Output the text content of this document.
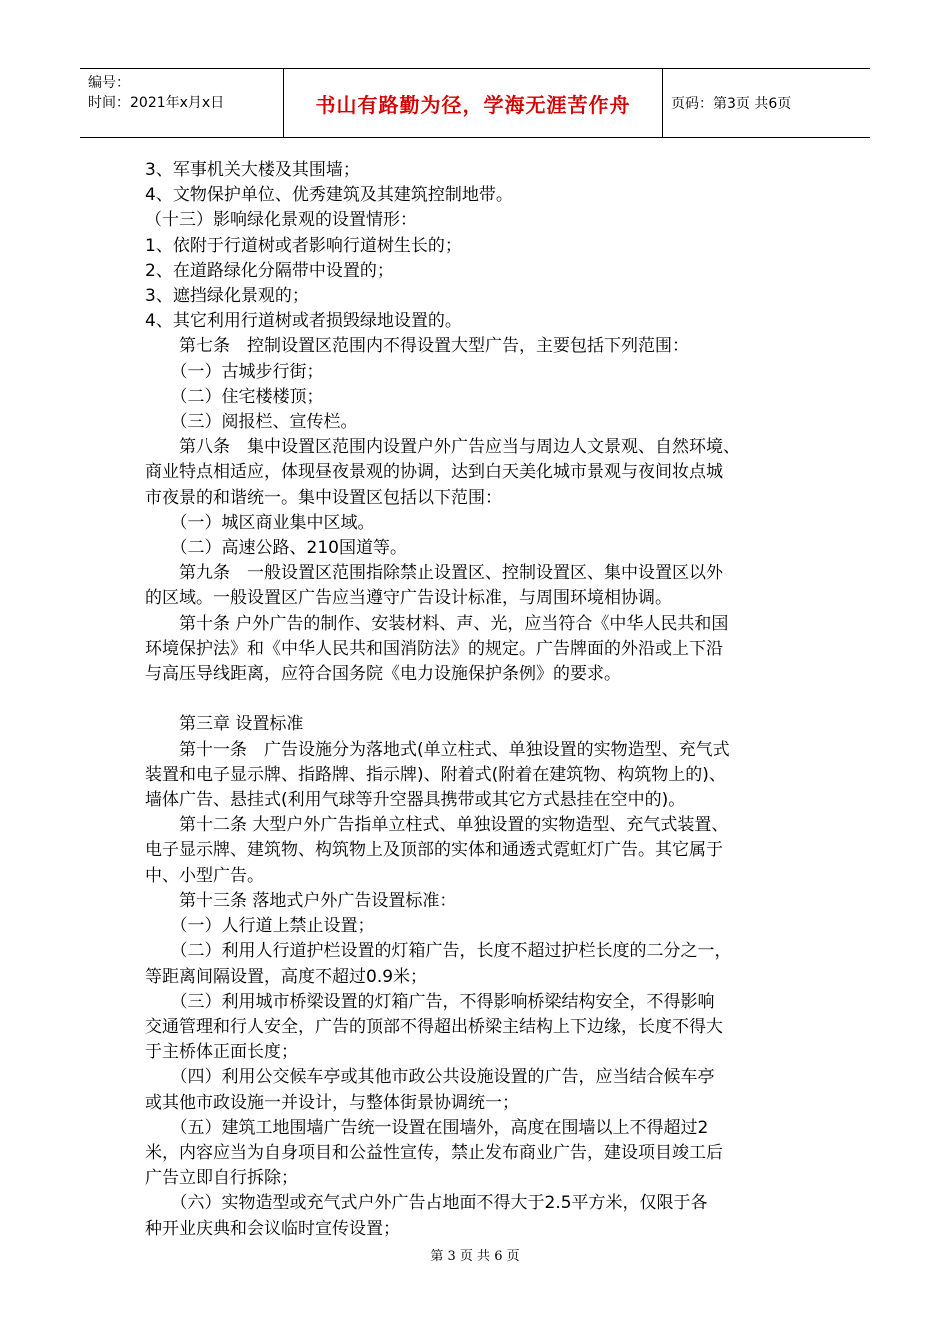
编号：
时间：2021年x月x日	书山有路勤为径，学海无涯苦作舟	页码：第3页 共6页

3、军事机关大楼及其围墙；

4、文物保护单位、优秀建筑及其建筑控制地带。

（十三）影响绿化景观的设置情形：

1、依附于行道树或者影响行道树生长的；

2、在道路绿化分隔带中设置的；

3、遮挡绿化景观的；

4、其它利用行道树或者损毁绿地设置的。

　　第七条　控制设置区范围内不得设置大型广告，主要包括下列范围：

　　（一）古城步行街；

　　（二）住宅楼楼顶；

　　（三）阅报栏、宣传栏。

　　第八条　集中设置区范围内设置户外广告应当与周边人文景观、自然环境、

商业特点相适应，体现昼夜景观的协调，达到白天美化城市景观与夜间妆点城

市夜景的和谐统一。集中设置区包括以下范围：

　　（一）城区商业集中区域。

　　（二）高速公路、210国道等。

　　第九条　一般设置区范围指除禁止设置区、控制设置区、集中设置区以外

的区域。一般设置区广告应当遵守广告设计标准，与周围环境相协调。

　　第十条 户外广告的制作、安装材料、声、光，应当符合《中华人民共和国

环境保护法》和《中华人民共和国消防法》的规定。广告牌面的外沿或上下沿

与高压导线距离，应符合国务院《电力设施保护条例》的要求。

　　第三章 设置标准

　　第十一条　广告设施分为落地式(单立柱式、单独设置的实物造型、充气式

装置和电子显示牌、指路牌、指示牌)、附着式(附着在建筑物、构筑物上的)、

墙体广告、悬挂式(利用气球等升空器具携带或其它方式悬挂在空中的)。

　　第十二条 大型户外广告指单立柱式、单独设置的实物造型、充气式装置、

电子显示牌、建筑物、构筑物上及顶部的实体和通透式霓虹灯广告。其它属于

中、小型广告。

　　第十三条 落地式户外广告设置标准：

　　（一）人行道上禁止设置；

　　（二）利用人行道护栏设置的灯箱广告，长度不超过护栏长度的二分之一，

等距离间隔设置，高度不超过0.9米；

　　（三）利用城市桥梁设置的灯箱广告，不得影响桥梁结构安全，不得影响

交通管理和行人安全，广告的顶部不得超出桥梁主结构上下边缘，长度不得大

于主桥体正面长度；

　　（四）利用公交候车亭或其他市政公共设施设置的广告，应当结合候车亭

或其他市政设施一并设计，与整体街景协调统一；

　　（五）建筑工地围墙广告统一设置在围墙外，高度在围墙以上不得超过2

米，内容应当为自身项目和公益性宣传，禁止发布商业广告，建设项目竣工后

广告立即自行拆除；

　　（六）实物造型或充气式户外广告占地面不得大于2.5平方米，仅限于各

种开业庆典和会议临时宣传设置；

第 3 页 共 6 页
